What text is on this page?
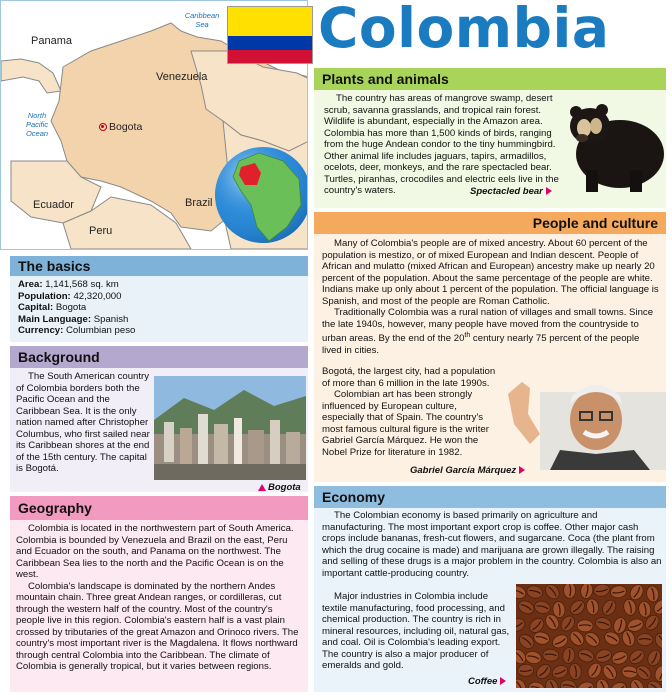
Panama
Venezuela
Ecuador
Peru
Brazil
Bogota
Caribbean Sea
North Pacific Ocean
Colombia
Plants and animals

The country has areas of mangrove swamp, desert scrub, savanna grasslands, and tropical rain forest. Wildlife is abundant, especially in the Amazon area. Colombia has more than 1,500 kinds of birds, ranging from the huge Andean condor to the tiny hummingbird. Other animal life includes jaguars, tapirs, armadillos, ocelots, deer, monkeys, and the rare spectacled bear. Turtles, piranhas, crocodiles and electric eels live in the country's waters.	Spectacled bear
The basics
Area: 1,141,568 sq. km
Population: 42,320,000
Capital: Bogota
Main Language: Spanish
Currency: Columbian peso
Background

The South American country of Colombia borders both the Pacific Ocean and the Caribbean Sea. It is the only nation named after Christopher Columbus, who first sailed near its Caribbean shores at the end of the 15th century. The capital is Bogotá.

Bogota
Geography

Colombia is located in the northwestern part of South America. Colombia is bounded by Venezuela and Brazil on the east, Peru and Ecuador on the south, and Panama on the northwest. The Caribbean Sea lies to the north and the Pacific Ocean is on the west.

Colombia's landscape is dominated by the northern Andes mountain chain. Three great Andean ranges, or cordilleras, cut through the western half of the country. Most of the country's people live in this region. Colombia's eastern half is a vast plain crossed by tributaries of the great Amazon and Orinoco rivers. The country's most important river is the Magdalena. It flows northward through central Colombia into the Caribbean. The climate of Colombia is generally tropical, but it varies between regions.

People and culture

Many of Colombia's people are of mixed ancestry. About 60 percent of the population is mestizo, or of mixed European and Indian descent. People of African and mulatto (mixed African and European) ancestry make up nearly 20 percent of the population. About the same percentage of the people are white. Indians make up only about 1 percent of the population. The official language is Spanish, and most of the people are Roman Catholic.

Traditionally Colombia was a rural nation of villages and small towns. Since the late 1940s, however, many people have moved from the countryside to urban areas. By the end of the 20th century nearly 75 percent of the people lived in cities.

Bogotá, the largest city, had a population of more than 6 million in the late 1990s.

Colombian art has been strongly influenced by European culture, especially that of Spain. The country's most famous cultural figure is the writer Gabriel García Márquez. He won the Nobel Prize for literature in 1982.

Gabriel García Márquez
Economy

The Colombian economy is based primarily on agriculture and manufacturing. The most important export crop is coffee. Other major cash crops include bananas, fresh-cut flowers, and sugarcane. Coca (the plant from which the drug cocaine is made) and marijuana are grown illegally. The raising and selling of these drugs is a major problem in the country. Colombia is also an important cattle-producing country.

Major industries in Colombia include textile manufacturing, food processing, and chemical production. The country is rich in mineral resources, including oil, natural gas, and coal. Oil is Colombia's leading export. The country is also a major producer of emeralds and gold.

Coffee
